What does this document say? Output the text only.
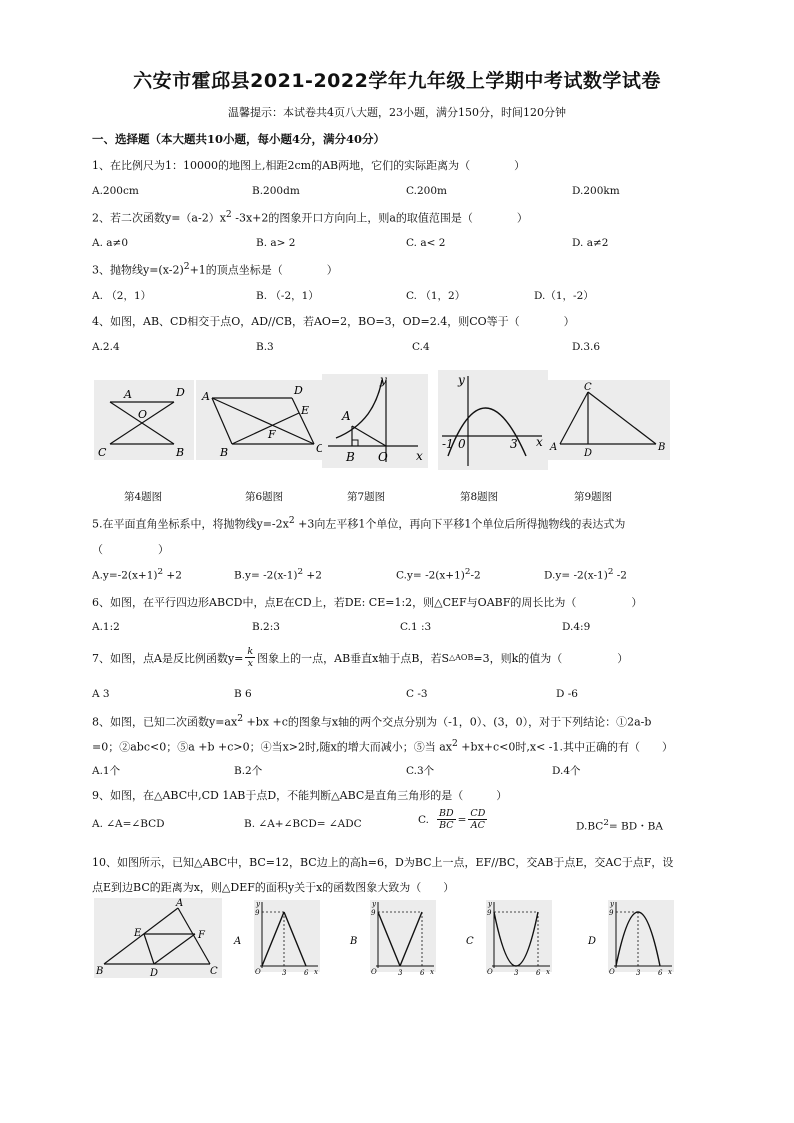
六安市霍邱县2021-2022学年九年级上学期中考试数学试卷
温馨提示：本试卷共4页八大题，23小题，满分150分，时间120分钟
一、选择题（本大题共10小题，每小题4分，满分40分）
1、在比例尺为1：10000的地图上,相距2cm的AB两地，它们的实际距离为（　　　　）
A.200cm	B.200dm	C.200m	D.200km
2、若二次函数$y=(a-2)x^2$ -3x+2的图象开口方向向上，则a的取值范围是（　　　　）
A. a≠0	B. a> 2	C. a< 2	D. a≠2
3、抛物线$y=(x-2)^2+1$的顶点坐标是（　　　　）
A. （2，1）	B. （-2，1）	C. （1，2）	D.（1，-2）
4、如图，AB、CD相交于点O，AD//CB，若AO=2，BO=3，OD=2.4，则CO等于（　　　　）
A.2.4	B.3	C.4	D.3.6
A	D
O
C	B
A	D
E
F
B	C
y
A
B O x
y
-1 0	3 x
C
A
D
B
第4题图	第6题图	第7题图	第8题图	第9题图
5.在平面直角坐标系中，将抛物线$y=-2x^2 +3$向左平移1个单位，再向下平移1个单位后所得抛物线的表达式为
（　　　　　）
$A.y=-2(x+1)^2 +2$	$B.y= -2(x-1)^2 +2$	$C.y= -2(x+1)^2-2$	$D.y= -2(x-1)^2$ -2
6、如图，在平行四边形ABCD中，点E在CD上，若DE: CE=1:2，则△CEF与OABF的周长比为（　　　　　）
A.1:2	B.2:3	C.1 :3	D.4:9
7、如图，点A是反比例函数$y= \frac{k}{x}$ 图象上的一点，AB垂直x轴于点B，若S △AOB =3，则k的值为（　　　　　）
A 3	B 6	C -3	D -6
8、如图，已知二次函数$y=ax^2 +bx +c$的图象与x轴的两个交点分别为（-1，0）、(3，0），对于下列结论：①2a-b
=0；②abc<0；⑤a +b +c>0；④当x>2时,随x的增大而减小；⑤当 $ax^2 +bx+c<0$时,x< -1.其中正确的有（　　）
A.1个	B.2个	C.3个	D.4个
9、如图，在△ABC中,CD 1AB于点D，不能判断△ABC是直角三角形的是（　　　）
A. ∠A=∠BCD	B. ∠A+∠BCD= ∠ADC	C. $\frac{BD}{BC} = \frac{CD}{AC}$	$D.BC^2=$ BD・BA
10、如图所示，已知△ABC中，BC=12，BC边上的高h=6，D为BC上一点，EF//BC，交AB于点E，交AC于点F，设
点E到边BC的距离为x，则△DEF的面积y关于x的函数图象大致为（　　）
A
E	F
B	D	C
A
y
9
O	3	6 x
B
y
9
O	3	6 x
C
y
9
O	3	6 x
D
y
9
O	3	6 x
